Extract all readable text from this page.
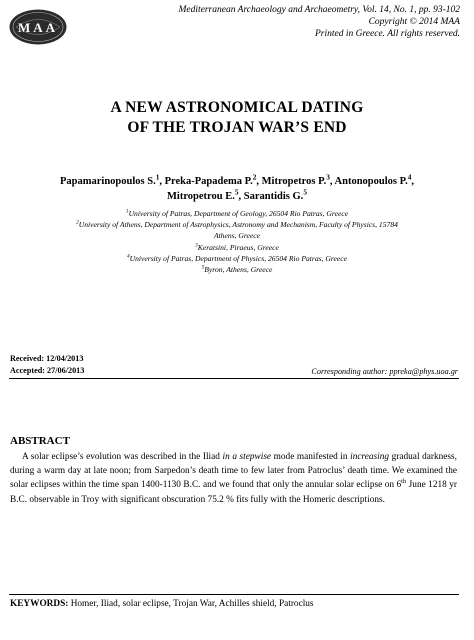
MAA
Mediterranean Archaeology and Archaeometry, Vol. 14, No. 1, pp. 93-102
Copyright © 2014 MAA
Printed in Greece. All rights reserved.
A NEW ASTRONOMICAL DATING
OF THE TROJAN WAR’S END
Papamarinopoulos S.$^1$, Preka-Papadema P.$^2$, Mitropetros P.$^3$, Antonopoulos P.$^4$,
Mitropetrou E.$^5$, Sarantidis G.$^5$
$^1$University of Patras, Department of Geology, 26504 Rio Patras, Greece
$^2$University of Athens, Department of Astrophysics, Astronomy and Mechanism, Faculty of Physics, 15784
Athens, Greece
$^3$Keratsini, Piraeus, Greece
$^4$University of Patras, Department of Physics, 26504 Rio Patras, Greece
$^5$Byron, Athens, Greece
Received: 12/04/2013
Accepted: 27/06/2013	Corresponding author: ppreka@phys.uoa.gr
ABSTRACT
A solar eclipse’s evolution was described in the Iliad in a stepwise mode manifested in increasing gradual darkness, during a warm day at late noon; from Sarpedon’s death time to few later from Patroclus’ death time. We examined the solar eclipses within the time span 1400-1130 B.C. and we found that only the annular solar eclipse on 6th June 1218 yr B.C. observable in Troy with significant obscuration 75.2 % fits fully with the Homeric descriptions.
KEYWORDS: Homer, Iliad, solar eclipse, Trojan War, Achilles shield, Patroclus
